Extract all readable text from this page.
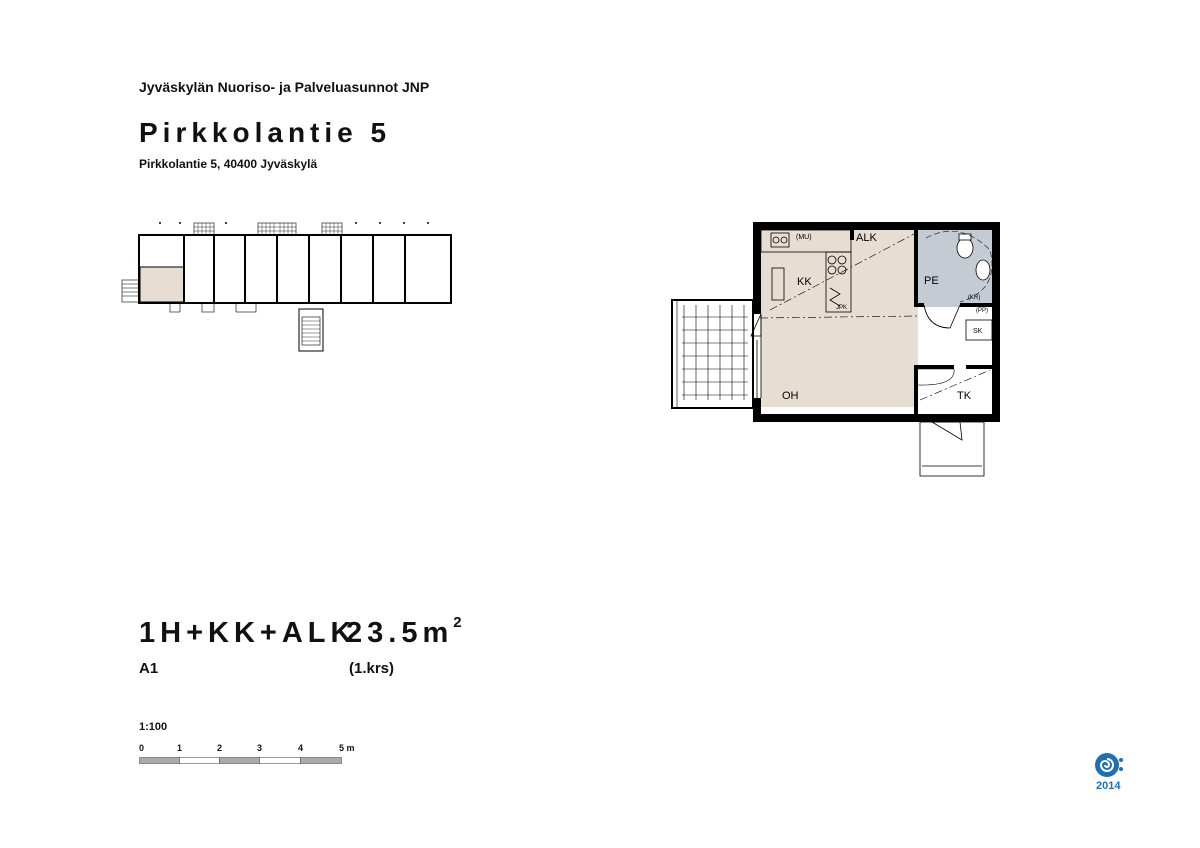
Jyväskylän Nuoriso- ja Palveluasunnot JNP
Pirkkolantie 5
Pirkkolantie 5, 40400 Jyväskylä
ALK
KK	PE
OH	TK
SK
(MU)
JPK
(KR)
(PP)
1H+KK+ALK
$23.5m^2$
A1	(1.krs)
1:100
0	1	2	3	4	5 m
2014
